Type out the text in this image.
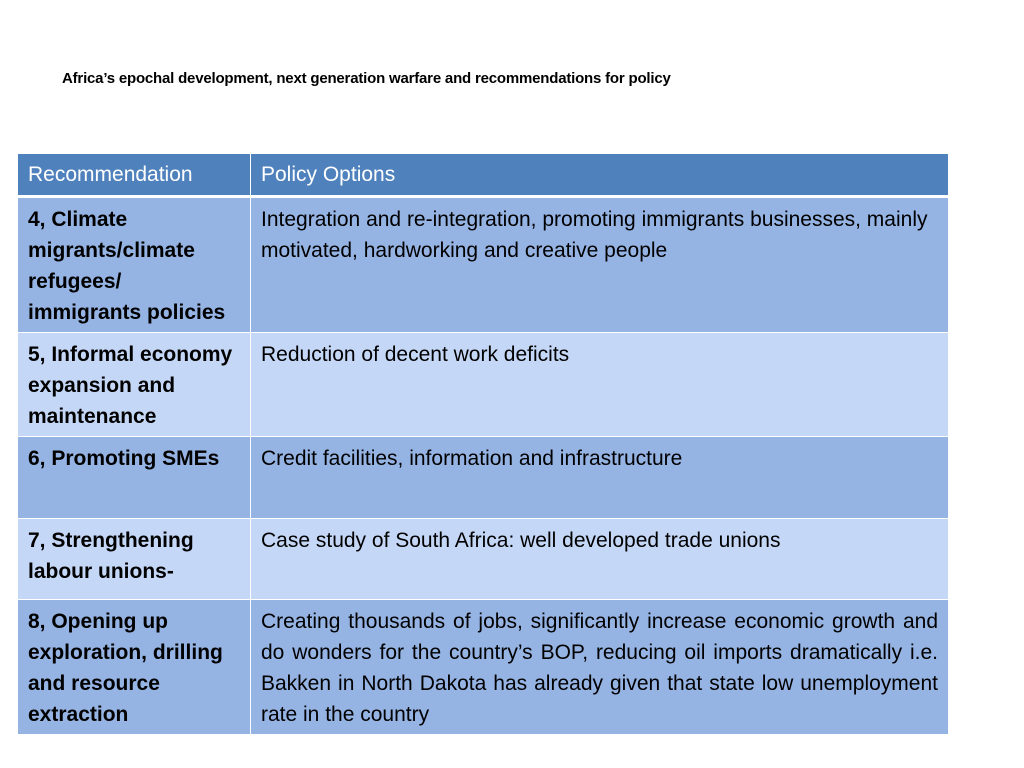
Africa’s epochal development, next generation warfare and recommendations for policy
Recommendation	Policy Options
4, Climate migrants/climate refugees/ immigrants policies	Integration and re-integration, promoting immigrants businesses, mainly motivated, hardworking and creative people
5, Informal economy expansion and maintenance	Reduction of decent work deficits
6, Promoting SMEs	Credit facilities, information and infrastructure
7, Strengthening labour unions-	Case study of South Africa: well developed trade unions
8, Opening up exploration, drilling and resource extraction	Creating thousands of jobs, significantly increase economic growth and do wonders for the country’s BOP, reducing oil imports dramatically i.e. Bakken in North Dakota has already given that state low unemployment rate in the country
